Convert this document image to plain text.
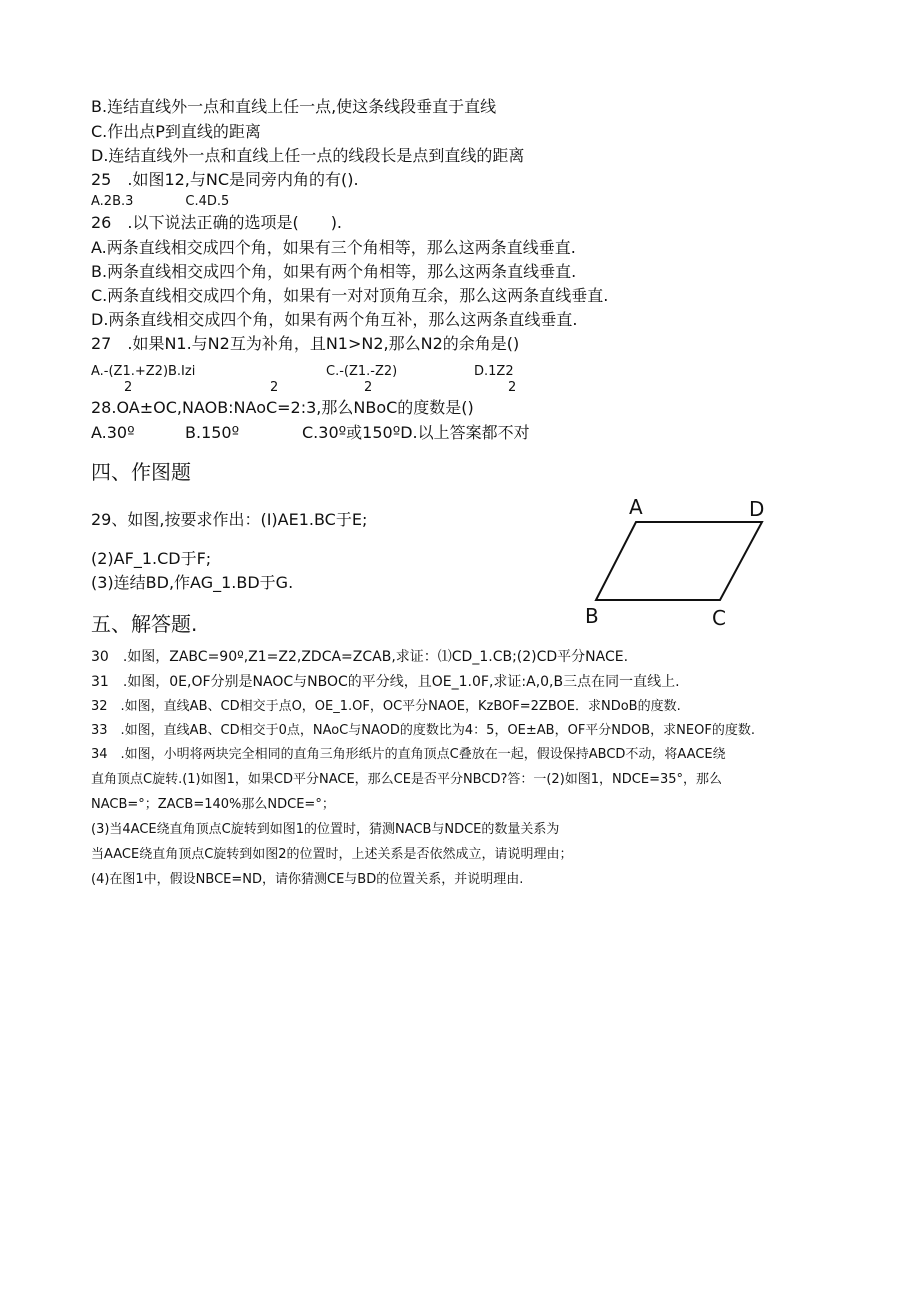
B.连结直线外一点和直线上任一点,使这条线段垂直于直线
C.作出点P到直线的距离
D.连结直线外一点和直线上任一点的线段长是点到直线的距离
25　.如图12,与NC是同旁内角的有().
A.2B.3　　　　C.4D.5
26　.以下说法正确的选项是(　　).
A.两条直线相交成四个角，如果有三个角相等，那么这两条直线垂直.
B.两条直线相交成四个角，如果有两个角相等，那么这两条直线垂直.
C.两条直线相交成四个角，如果有一对对顶角互余，那么这两条直线垂直.
D.两条直线相交成四个角，如果有两个角互补，那么这两条直线垂直.
27　.如果N1.与N2互为补角，且N1>N2,那么N2的余角是()
A.-(Z1.+Z2)B.Izi	C.-(Z1.-Z2)	D.1Z2
2	2	2	2
28.OA±OC,NAOB:NAoC=2:3,那么NBoC的度数是()
A.30º	B.150º	C.30º或150ºD.以上答案都不对
四、作图题
29、如图,按要求作出：(I)AE1.BC于E;
(2)AF_1.CD于F;
(3)连结BD,作AG_1.BD于G.
A	D
B	C
五、解答题.
30　.如图，ZABC=90º,Z1=Z2,ZDCA=ZCAB,求证：⑴CD_1.CB;(2)CD平分NACE.
31　.如图，0E,OF分别是NAOC与NBOC的平分线，且OE_1.0F,求证:A,0,B三点在同一直线上.
32　.如图，直线AB、CD相交于点O，OE_1.OF，OC平分NAOE，KzBOF=2ZBOE．求NDoB的度数.
33　.如图，直线AB、CD相交于0点，NAoC与NAOD的度数比为4：5，OE±AB，OF平分NDOB，求NEOF的度数.
34　.如图，小明将两块完全相同的直角三角形纸片的直角顶点C叠放在一起，假设保持ABCD不动，将AACE绕
直角顶点C旋转.(1)如图1，如果CD平分NACE，那么CE是否平分NBCD?答：一(2)如图1，NDCE=35°，那么
NACB=°；ZACB=140%那么NDCE=°；
(3)当4ACE绕直角顶点C旋转到如图1的位置时，猜测NACB与NDCE的数量关系为
当AACE绕直角顶点C旋转到如图2的位置时，上述关系是否依然成立，请说明理由；
(4)在图1中，假设NBCE=ND，请你猜测CE与BD的位置关系，并说明理由.
